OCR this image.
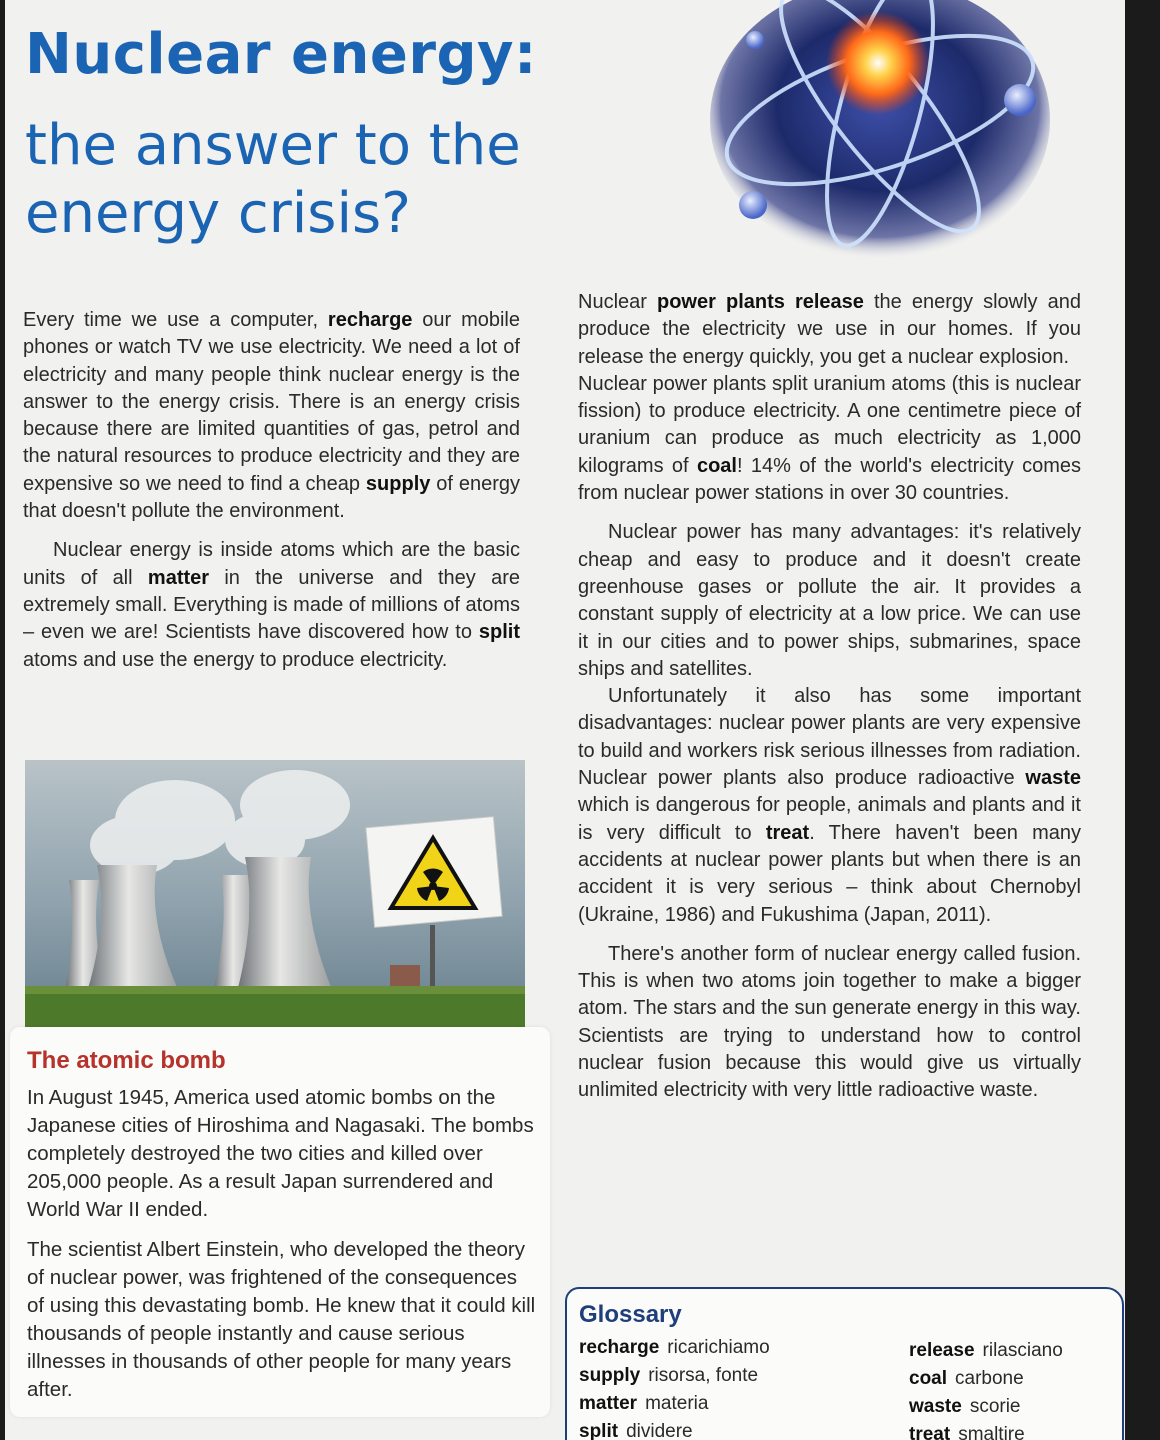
Nuclear energy:
the answer to the energy crisis?

Every time we use a computer, recharge our mobile phones or watch TV we use electricity. We need a lot of electricity and many people think nuclear energy is the answer to the energy crisis. There is an energy crisis because there are limited quantities of gas, petrol and the natural resources to produce electricity and they are expensive so we need to find a cheap supply of energy that doesn't pollute the environment.

Nuclear energy is inside atoms which are the basic units of all matter in the universe and they are extremely small. Everything is made of millions of atoms – even we are! Scientists have discovered how to split atoms and use the energy to produce electricity.

Nuclear power plants release the energy slowly and produce the electricity we use in our homes. If you release the energy quickly, you get a nuclear explosion.

Nuclear power plants split uranium atoms (this is nuclear fission) to produce electricity. A one centimetre piece of uranium can produce as much electricity as 1,000 kilograms of coal! 14% of the world's electricity comes from nuclear power stations in over 30 countries.

Nuclear power has many advantages: it's relatively cheap and easy to produce and it doesn't create greenhouse gases or pollute the air. It provides a constant supply of electricity at a low price. We can use it in our cities and to power ships, submarines, space ships and satellites.

Unfortunately it also has some important disadvantages: nuclear power plants are very expensive to build and workers risk serious illnesses from radiation. Nuclear power plants also produce radioactive waste which is dangerous for people, animals and plants and it is very difficult to treat. There haven't been many accidents at nuclear power plants but when there is an accident it is very serious – think about Chernobyl (Ukraine, 1986) and Fukushima (Japan, 2011).

There's another form of nuclear energy called fusion. This is when two atoms join together to make a bigger atom. The stars and the sun generate energy in this way. Scientists are trying to understand how to control nuclear fusion because this would give us virtually unlimited electricity with very little radioactive waste.

The atomic bomb

In August 1945, America used atomic bombs on the Japanese cities of Hiroshima and Nagasaki. The bombs completely destroyed the two cities and killed over 205,000 people. As a result Japan surrendered and World War II ended.

The scientist Albert Einstein, who developed the theory of nuclear power, was frightened of the consequences of using this devastating bomb. He knew that it could kill thousands of people instantly and cause serious illnesses in thousands of other people for many years after.

Glossary
recharge ricarichiamo
supply risorsa, fonte
matter materia
split dividere
release rilasciano
coal carbone
waste scorie
treat smaltire
